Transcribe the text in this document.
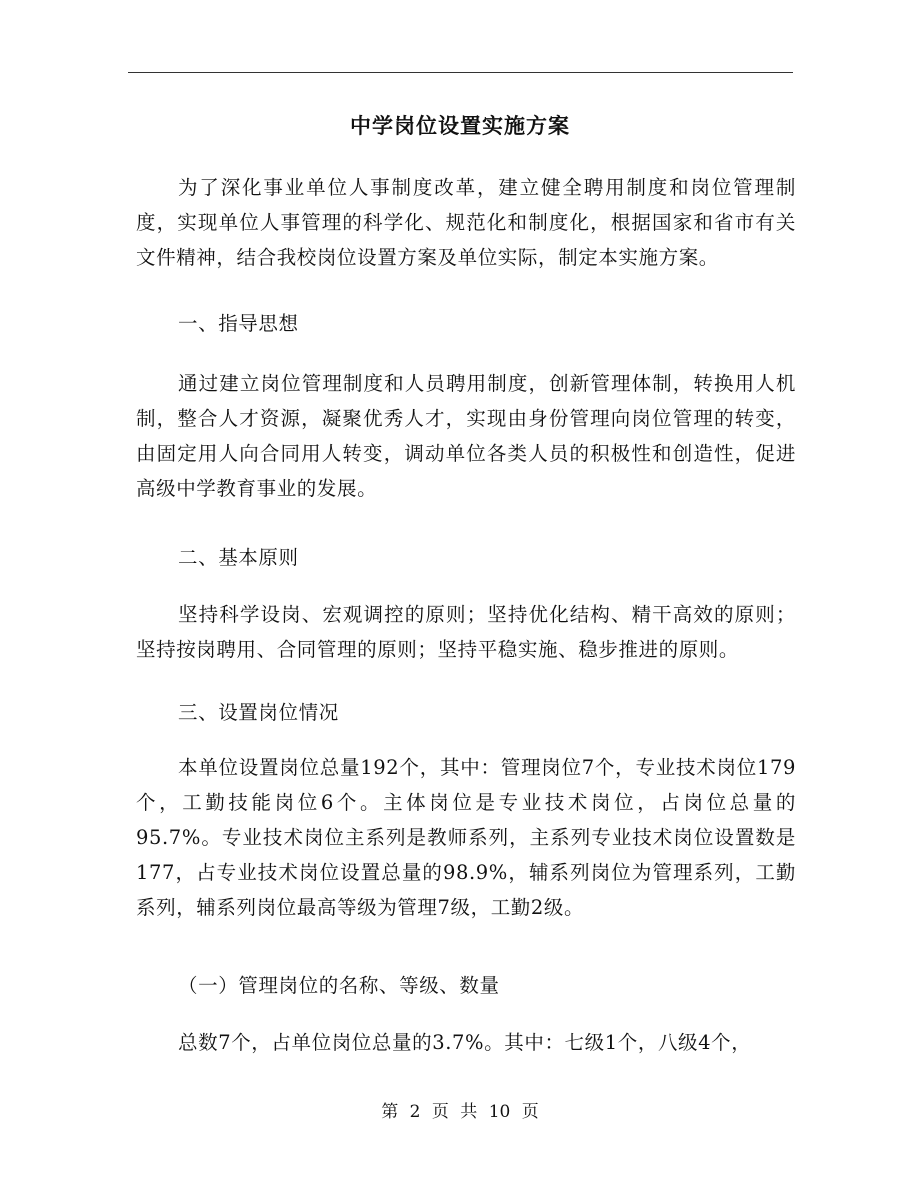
中学岗位设置实施方案
为了深化事业单位人事制度改革，建立健全聘用制度和岗位管理制度，实现单位人事管理的科学化、规范化和制度化，根据国家和省市有关文件精神，结合我校岗位设置方案及单位实际，制定本实施方案。
一、指导思想
通过建立岗位管理制度和人员聘用制度，创新管理体制，转换用人机制，整合人才资源，凝聚优秀人才，实现由身份管理向岗位管理的转变，由固定用人向合同用人转变，调动单位各类人员的积极性和创造性，促进高级中学教育事业的发展。
二、基本原则
坚持科学设岗、宏观调控的原则；坚持优化结构、精干高效的原则；坚持按岗聘用、合同管理的原则；坚持平稳实施、稳步推进的原则。
三、设置岗位情况
本单位设置岗位总量192个，其中：管理岗位7个，专业技术岗位179个，工勤技能岗位6个。主体岗位是专业技术岗位，占岗位总量的95.7%。专业技术岗位主系列是教师系列，主系列专业技术岗位设置数是177，占专业技术岗位设置总量的98.9%，辅系列岗位为管理系列，工勤系列，辅系列岗位最高等级为管理7级，工勤2级。
（一）管理岗位的名称、等级、数量
总数7个，占单位岗位总量的3.7%。其中：七级1个，八级4个，
第 2 页 共 10 页
